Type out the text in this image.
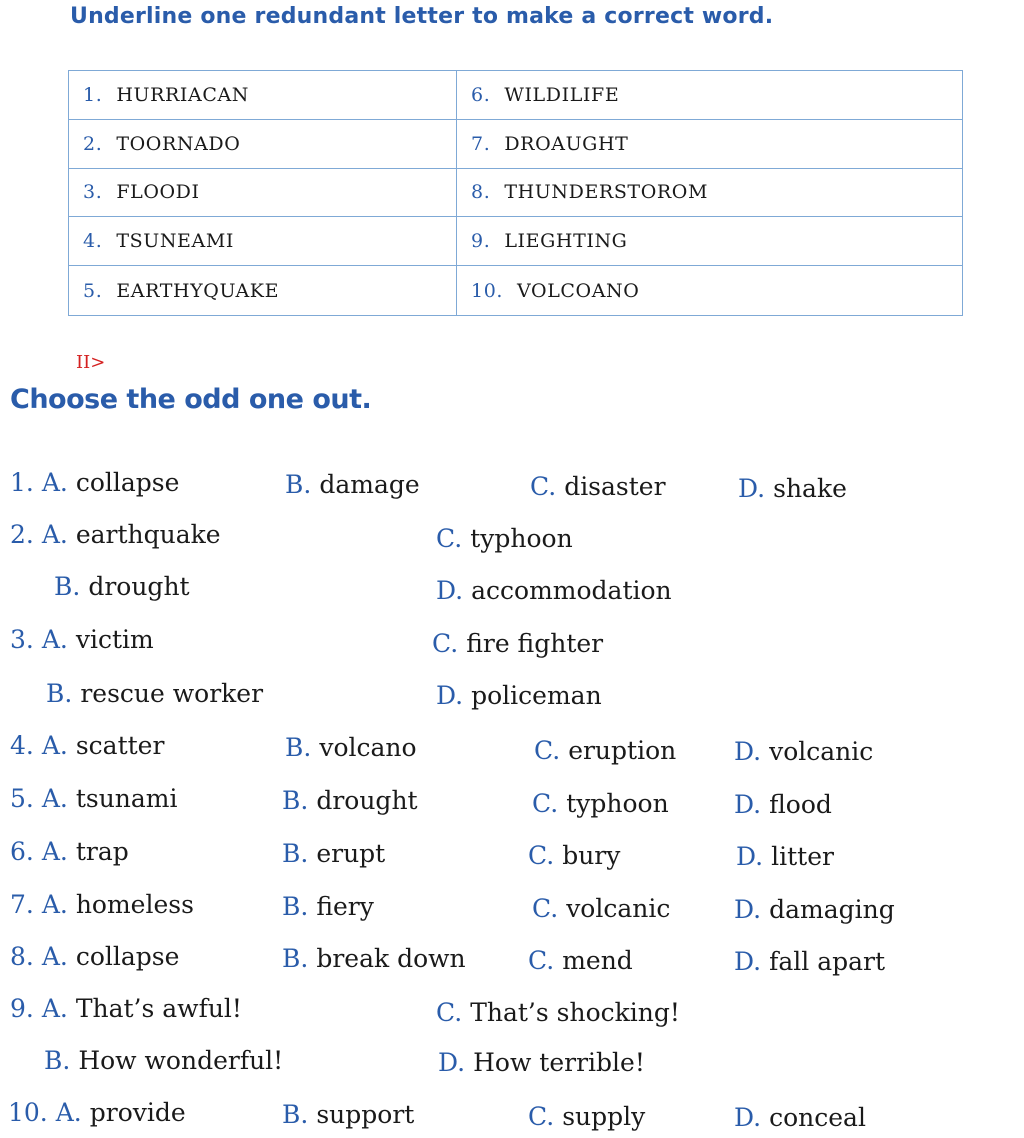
Underline one redundant letter to make a correct word.
1. HURRIACAN	6. WILDILIFE
2. TOORNADO	7. DROAUGHT
3. FLOODI	8. THUNDERSTOROM
4. TSUNEAMI	9. LIEGHTING
5. EARTHYQUAKE	10. VOLCOANO
II>
Choose the odd one out.
1. A. collapse	B. damage	C. disaster	D. shake
2. A. earthquake	C. typhoon
B. drought	D. accommodation
3. A. victim	C. fire fighter
B. rescue worker	D. policeman
4. A. scatter	B. volcano	C. eruption D. volcanic
5. A. tsunami	B. drought	C. typhoon	D. flood
6. A. trap	B. erupt	C. bury	D. litter
7. A. homeless	B. fiery	C. volcanic	D. damaging
8. A. collapse	B. break down C. mend	D. fall apart
9. A. That’s awful!	C. That’s shocking!
B. How wonderful!	D. How terrible!
10. A. provide	B. support	C. supply	D. conceal
